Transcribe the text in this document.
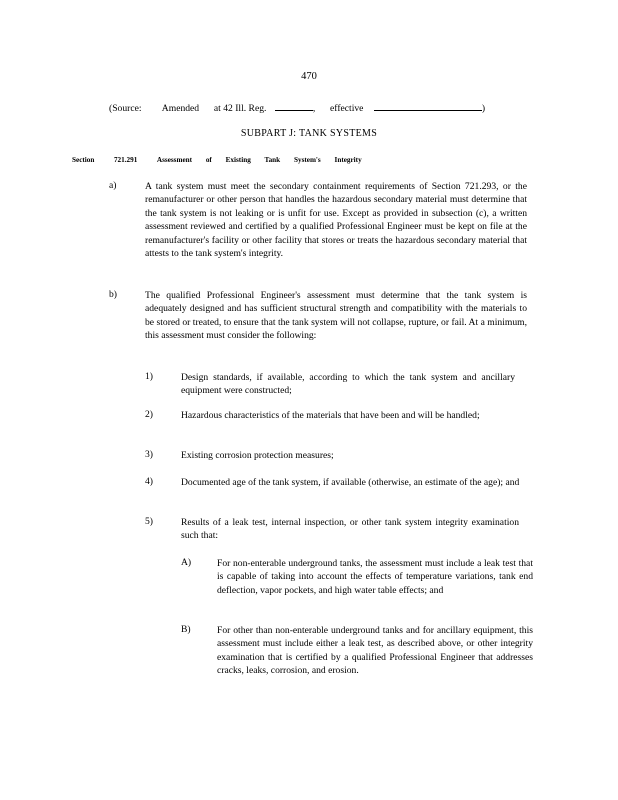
470
(Source: Amended at 42 Ill. Reg.	, effective	)
SUBPART J: TANK SYSTEMS
Section	721.291	Assessment of Existing Tank System's Integrity
a)	A tank system must meet the secondary containment requirements of Section 721.293, or the remanufacturer or other person that handles the hazardous secondary material must determine that the tank system is not leaking or is unfit for use. Except as provided in subsection (c), a written assessment reviewed and certified by a qualified Professional Engineer must be kept on file at the remanufacturer's facility or other facility that stores or treats the hazardous secondary material that attests to the tank system's integrity.

b)	The qualified Professional Engineer's assessment must determine that the tank system is adequately designed and has sufficient structural strength and compatibility with the materials to be stored or treated, to ensure that the tank system will not collapse, rupture, or fail. At a minimum, this assessment must consider the following:

1)	Design standards, if available, according to which the tank system and ancillary equipment were constructed;

2)	Hazardous characteristics of the materials that have been and will be handled;

3)	Existing corrosion protection measures;

4)	Documented age of the tank system, if available (otherwise, an estimate of the age); and

5)	Results of a leak test, internal inspection, or other tank system integrity examination such that:

A)	For non-enterable underground tanks, the assessment must include a leak test that is capable of taking into account the effects of temperature variations, tank end deflection, vapor pockets, and high water table effects; and

B)	For other than non-enterable underground tanks and for ancillary equipment, this assessment must include either a leak test, as described above, or other integrity examination that is certified by a qualified Professional Engineer that addresses cracks, leaks, corrosion, and erosion.
